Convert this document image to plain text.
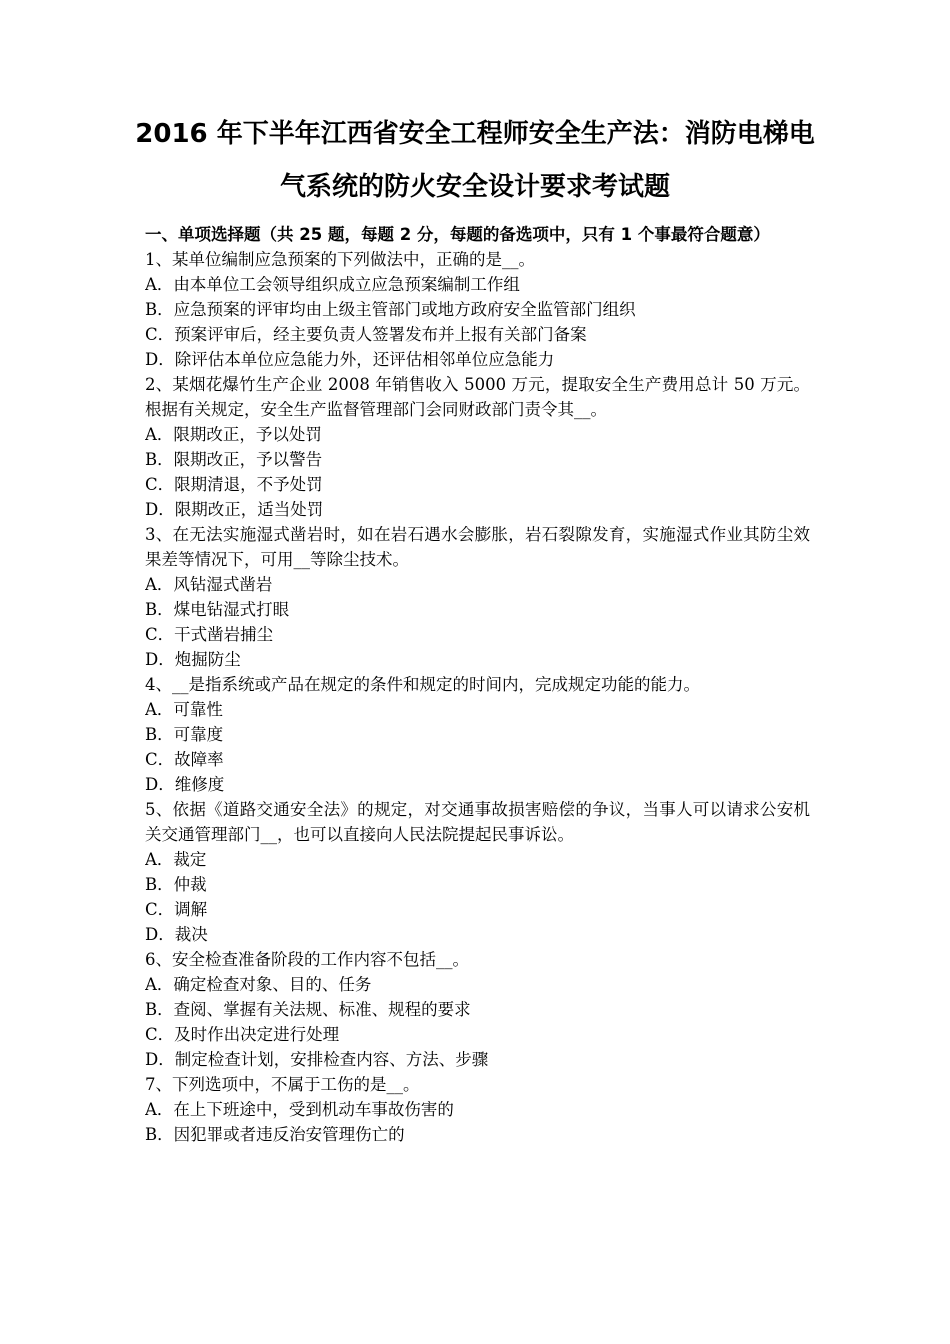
2016 年下半年江西省安全工程师安全生产法：消防电梯电
气系统的防火安全设计要求考试题
一、单项选择题（共 25 题，每题 2 分，每题的备选项中，只有 1 个事最符合题意）
1、某单位编制应急预案的下列做法中，正确的是__。
A．由本单位工会领导组织成立应急预案编制工作组
B．应急预案的评审均由上级主管部门或地方政府安全监管部门组织
C．预案评审后，经主要负责人签署发布并上报有关部门备案
D．除评估本单位应急能力外，还评估相邻单位应急能力
2、某烟花爆竹生产企业 2008 年销售收入 5000 万元，提取安全生产费用总计 50 万元。根据有关规定，安全生产监督管理部门会同财政部门责令其__。
A．限期改正，予以处罚
B．限期改正，予以警告
C．限期清退，不予处罚
D．限期改正，适当处罚
3、在无法实施湿式凿岩时，如在岩石遇水会膨胀，岩石裂隙发育，实施湿式作业其防尘效果差等情况下，可用__等除尘技术。
A．风钻湿式凿岩
B．煤电钻湿式打眼
C．干式凿岩捕尘
D．炮掘防尘
4、__是指系统或产品在规定的条件和规定的时间内，完成规定功能的能力。
A．可靠性
B．可靠度
C．故障率
D．维修度
5、依据《道路交通安全法》的规定，对交通事故损害赔偿的争议，当事人可以请求公安机关交通管理部门__，也可以直接向人民法院提起民事诉讼。
A．裁定
B．仲裁
C．调解
D．裁决
6、安全检查准备阶段的工作内容不包括__。
A．确定检查对象、目的、任务
B．查阅、掌握有关法规、标准、规程的要求
C．及时作出决定进行处理
D．制定检查计划，安排检查内容、方法、步骤
7、下列选项中，不属于工伤的是__。
A．在上下班途中，受到机动车事故伤害的
B．因犯罪或者违反治安管理伤亡的
